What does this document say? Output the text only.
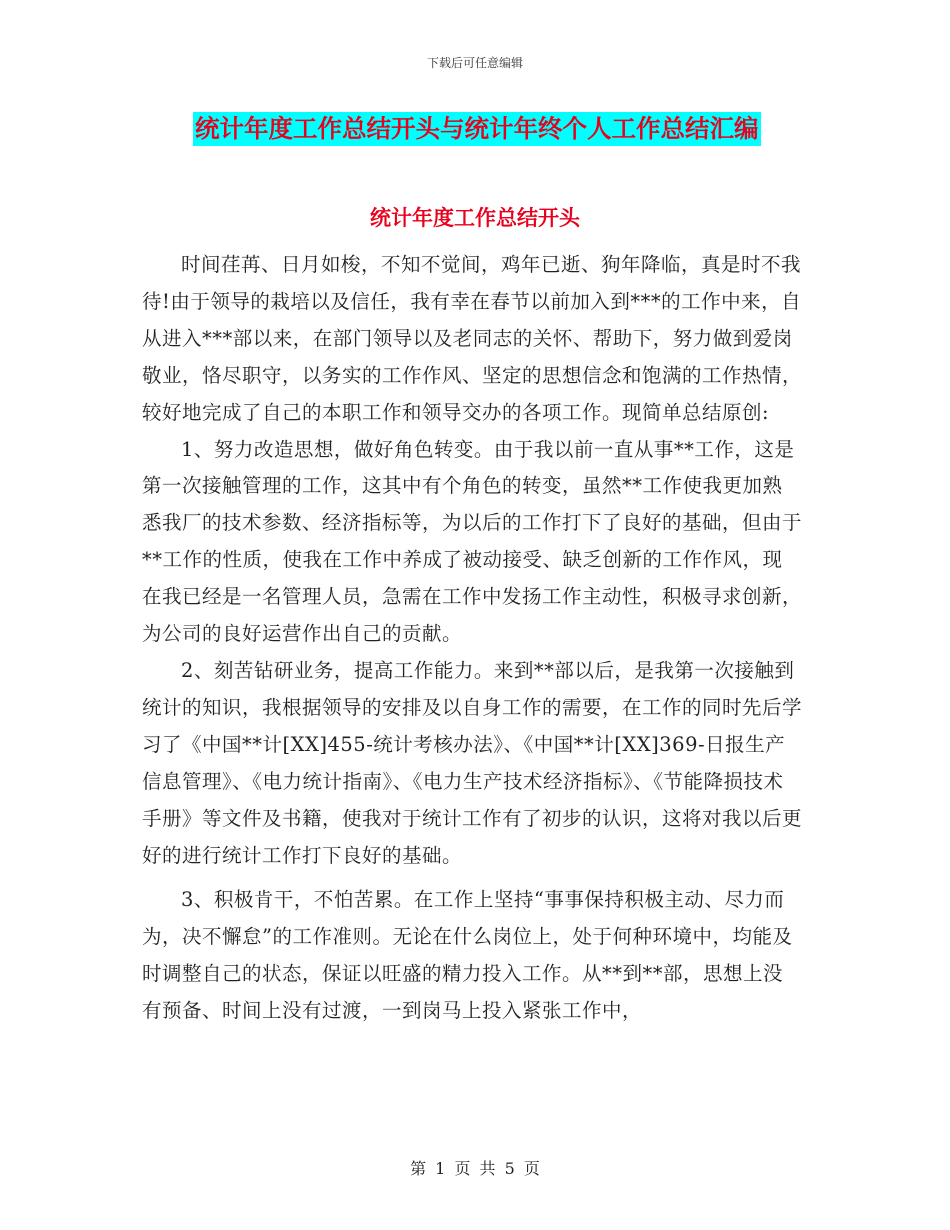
下载后可任意编辑
统计年度工作总结开头与统计年终个人工作总结汇编
统计年度工作总结开头

时间荏苒、日月如梭，不知不觉间，鸡年已逝、狗年降临，真是时不我待!由于领导的栽培以及信任，我有幸在春节以前加入到***的工作中来，自从进入***部以来，在部门领导以及老同志的关怀、帮助下，努力做到爱岗敬业，恪尽职守，以务实的工作作风、坚定的思想信念和饱满的工作热情，较好地完成了自己的本职工作和领导交办的各项工作。现简单总结原创:

1、努力改造思想，做好角色转变。由于我以前一直从事**工作，这是第一次接触管理的工作，这其中有个角色的转变，虽然**工作使我更加熟悉我厂的技术参数、经济指标等，为以后的工作打下了良好的基础，但由于**工作的性质，使我在工作中养成了被动接受、缺乏创新的工作作风，现在我已经是一名管理人员，急需在工作中发扬工作主动性，积极寻求创新，为公司的良好运营作出自己的贡献。

2、刻苦钻研业务，提高工作能力。来到**部以后，是我第一次接触到统计的知识，我根据领导的安排及以自身工作的需要，在工作的同时先后学习了《中国**计[XX]455-统计考核办法》、《中国**计[XX]369-日报生产信息管理》、《电力统计指南》、《电力生产技术经济指标》、《节能降损技术手册》等文件及书籍，使我对于统计工作有了初步的认识，这将对我以后更好的进行统计工作打下良好的基础。

3、积极肯干，不怕苦累。在工作上坚持“事事保持积极主动、尽力而为，决不懈怠”的工作准则。无论在什么岗位上，处于何种环境中，均能及时调整自己的状态，保证以旺盛的精力投入工作。从**到**部，思想上没有预备、时间上没有过渡，一到岗马上投入紧张工作中，

第 1 页 共 5 页
